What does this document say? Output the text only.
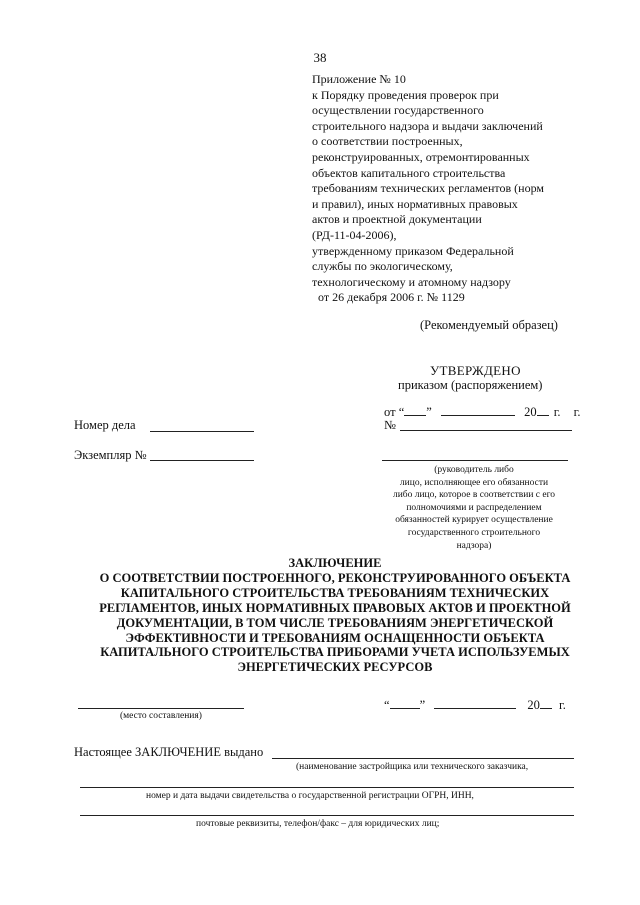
38
Приложение № 10
к Порядку проведения проверок при
осуществлении государственного
строительного надзора и выдачи заключений
о соответствии построенных,
реконструированных, отремонтированных
объектов капитального строительства
требованиям технических регламентов (норм
и правил), иных нормативных правовых
актов и проектной документации
(РД-11-04-2006),
утвержденному приказом Федеральной
службы по экологическому,
технологическому и атомному надзору
от 26 декабря 2006 г. № 1129
(Рекомендуемый образец)
УТВЕРЖДЕНО
приказом (распоряжением)
от “ ”	20 г. г.
№
Номер дела
Экземпляр №
(руководитель либо
лицо, исполняющее его обязанности
либо лицо, которое в соответствии с его
полномочиями и распределением
обязанностей курирует осуществление
государственного строительного
надзора)
ЗАКЛЮЧЕНИЕ
О СООТВЕТСТВИИ ПОСТРОЕННОГО, РЕКОНСТРУИРОВАННОГО ОБЪЕКТА
КАПИТАЛЬНОГО СТРОИТЕЛЬСТВА ТРЕБОВАНИЯМ ТЕХНИЧЕСКИХ
РЕГЛАМЕНТОВ, ИНЫХ НОРМАТИВНЫХ ПРАВОВЫХ АКТОВ И ПРОЕКТНОЙ
ДОКУМЕНТАЦИИ, В ТОМ ЧИСЛЕ ТРЕБОВАНИЯМ ЭНЕРГЕТИЧЕСКОЙ
ЭФФЕКТИВНОСТИ И ТРЕБОВАНИЯМ ОСНАЩЕННОСТИ ОБЪЕКТА
КАПИТАЛЬНОГО СТРОИТЕЛЬСТВА ПРИБОРАМИ УЧЕТА ИСПОЛЬЗУЕМЫХ
ЭНЕРГЕТИЧЕСКИХ РЕСУРСОВ
(место составления)
“ ”	20 г.
Настоящее ЗАКЛЮЧЕНИЕ выдано
(наименование застройщика или технического заказчика,
номер и дата выдачи свидетельства о государственной регистрации ОГРН, ИНН,
почтовые реквизиты, телефон/факс – для юридических лиц;
